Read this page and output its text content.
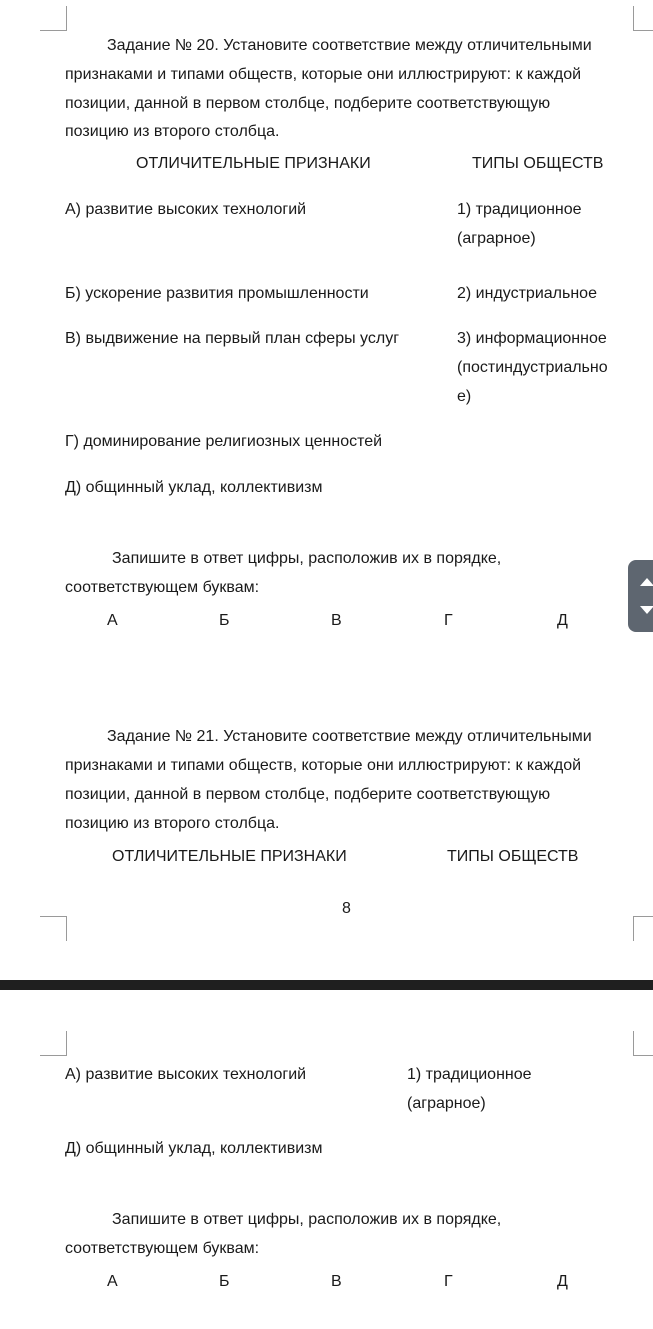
Задание № 20. Установите соответствие между отличительными
признаками и типами обществ, которые они иллюстрируют: к каждой
позиции, данной в первом столбце, подберите соответствующую
позицию из второго столбца.
ОТЛИЧИТЕЛЬНЫЕ ПРИЗНАКИ	ТИПЫ ОБЩЕСТВ
А) развитие высоких технологий	1) традиционное
(аграрное)
Б) ускорение развития промышленности	2) индустриальное
В) выдвижение на первый план сферы услуг	3) информационное
(постиндустриально
е)
Г) доминирование религиозных ценностей
Д) общинный уклад, коллективизм
Запишите в ответ цифры, расположив их в порядке,
соответствующем буквам:
А	Б	В	Г	Д
Задание № 21. Установите соответствие между отличительными
признаками и типами обществ, которые они иллюстрируют: к каждой
позиции, данной в первом столбце, подберите соответствующую
позицию из второго столбца.
ОТЛИЧИТЕЛЬНЫЕ ПРИЗНАКИ	ТИПЫ ОБЩЕСТВ
8
А) развитие высоких технологий	1) традиционное
(аграрное)
Д) общинный уклад, коллективизм
Запишите в ответ цифры, расположив их в порядке,
соответствующем буквам:
А	Б	В	Г	Д
